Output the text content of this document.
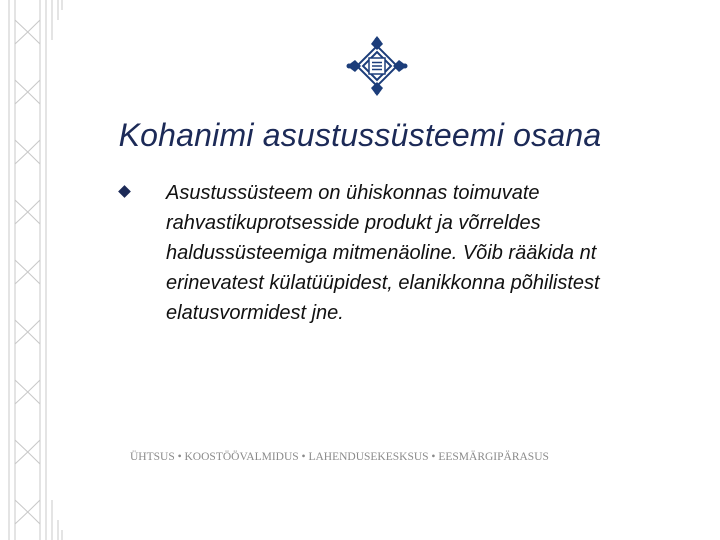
Kohanimi asustussüsteemi osana
Asustussüsteem on ühiskonnas toimuvate rahvastikuprotsesside produkt ja võrreldes haldussüsteemiga mitmenäoline. Võib rääkida nt erinevatest külatüüpidest, elanikkonna põhilistest elatusvormidest jne.
ÜHTSUS • KOOSTÖÖVALMIDUS • LAHENDUSEKESKSUS • EESMÄRGIPÄRASUS
